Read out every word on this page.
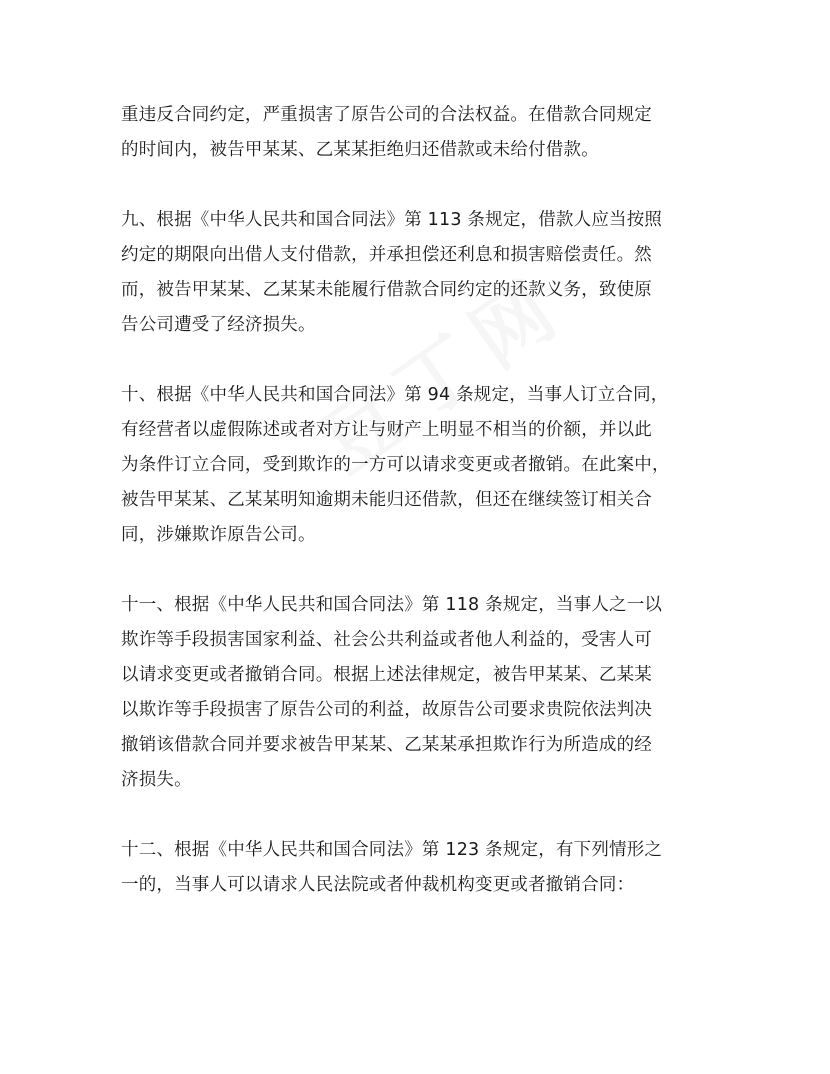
重违反合同约定，严重损害了原告公司的合法权益。在借款合同规定
的时间内，被告甲某某、乙某某拒绝归还借款或未给付借款。
九、根据《中华人民共和国合同法》第 113 条规定，借款人应当按照
约定的期限向出借人支付借款，并承担偿还利息和损害赔偿责任。然
而，被告甲某某、乙某某未能履行借款合同约定的还款义务，致使原
告公司遭受了经济损失。
十、根据《中华人民共和国合同法》第 94 条规定，当事人订立合同，
有经营者以虚假陈述或者对方让与财产上明显不相当的价额，并以此
为条件订立合同，受到欺诈的一方可以请求变更或者撤销。在此案中，
被告甲某某、乙某某明知逾期未能归还借款，但还在继续签订相关合
同，涉嫌欺诈原告公司。
十一、根据《中华人民共和国合同法》第 118 条规定，当事人之一以
欺诈等手段损害国家利益、社会公共利益或者他人利益的，受害人可
以请求变更或者撤销合同。根据上述法律规定，被告甲某某、乙某某
以欺诈等手段损害了原告公司的利益，故原告公司要求贵院依法判决
撤销该借款合同并要求被告甲某某、乙某某承担欺诈行为所造成的经
济损失。
十二、根据《中华人民共和国合同法》第 123 条规定，有下列情形之
一的，当事人可以请求人民法院或者仲裁机构变更或者撤销合同：
